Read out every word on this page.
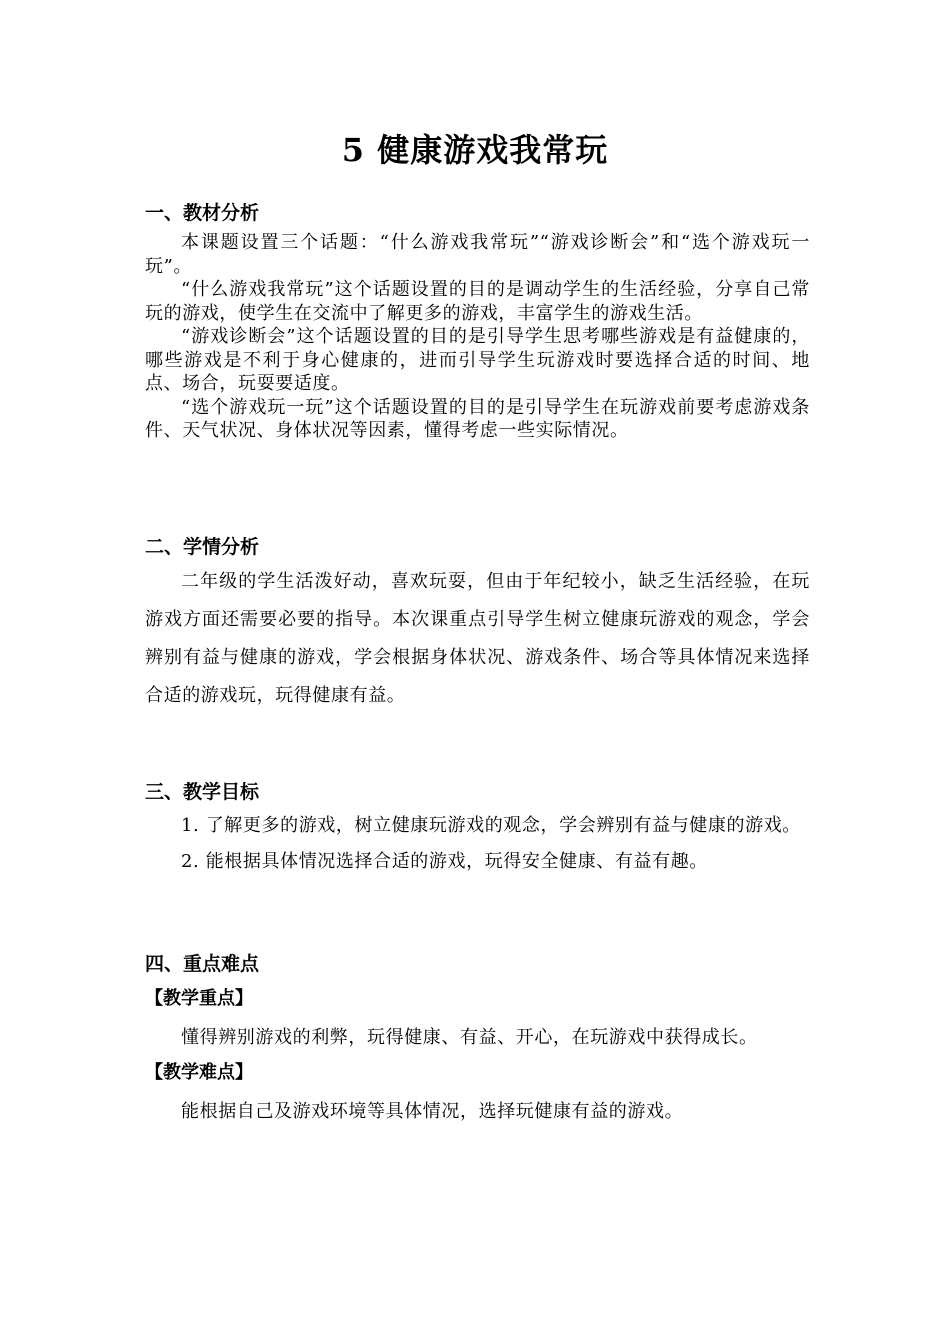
5 健康游戏我常玩
一、教材分析

本课题设置三个话题：“什么游戏我常玩”“游戏诊断会”和“选个游戏玩一玩”。

“什么游戏我常玩”这个话题设置的目的是调动学生的生活经验，分享自己常玩的游戏，使学生在交流中了解更多的游戏，丰富学生的游戏生活。

“游戏诊断会”这个话题设置的目的是引导学生思考哪些游戏是有益健康的，哪些游戏是不利于身心健康的，进而引导学生玩游戏时要选择合适的时间、地点、场合，玩耍要适度。

“选个游戏玩一玩”这个话题设置的目的是引导学生在玩游戏前要考虑游戏条件、天气状况、身体状况等因素，懂得考虑一些实际情况。

二、学情分析

二年级的学生活泼好动，喜欢玩耍，但由于年纪较小，缺乏生活经验，在玩游戏方面还需要必要的指导。本次课重点引导学生树立健康玩游戏的观念，学会辨别有益与健康的游戏，学会根据身体状况、游戏条件、场合等具体情况来选择合适的游戏玩，玩得健康有益。

三、教学目标

1. 了解更多的游戏，树立健康玩游戏的观念，学会辨别有益与健康的游戏。

2. 能根据具体情况选择合适的游戏，玩得安全健康、有益有趣。

四、重点难点
【教学重点】

懂得辨别游戏的利弊，玩得健康、有益、开心，在玩游戏中获得成长。

【教学难点】

能根据自己及游戏环境等具体情况，选择玩健康有益的游戏。
